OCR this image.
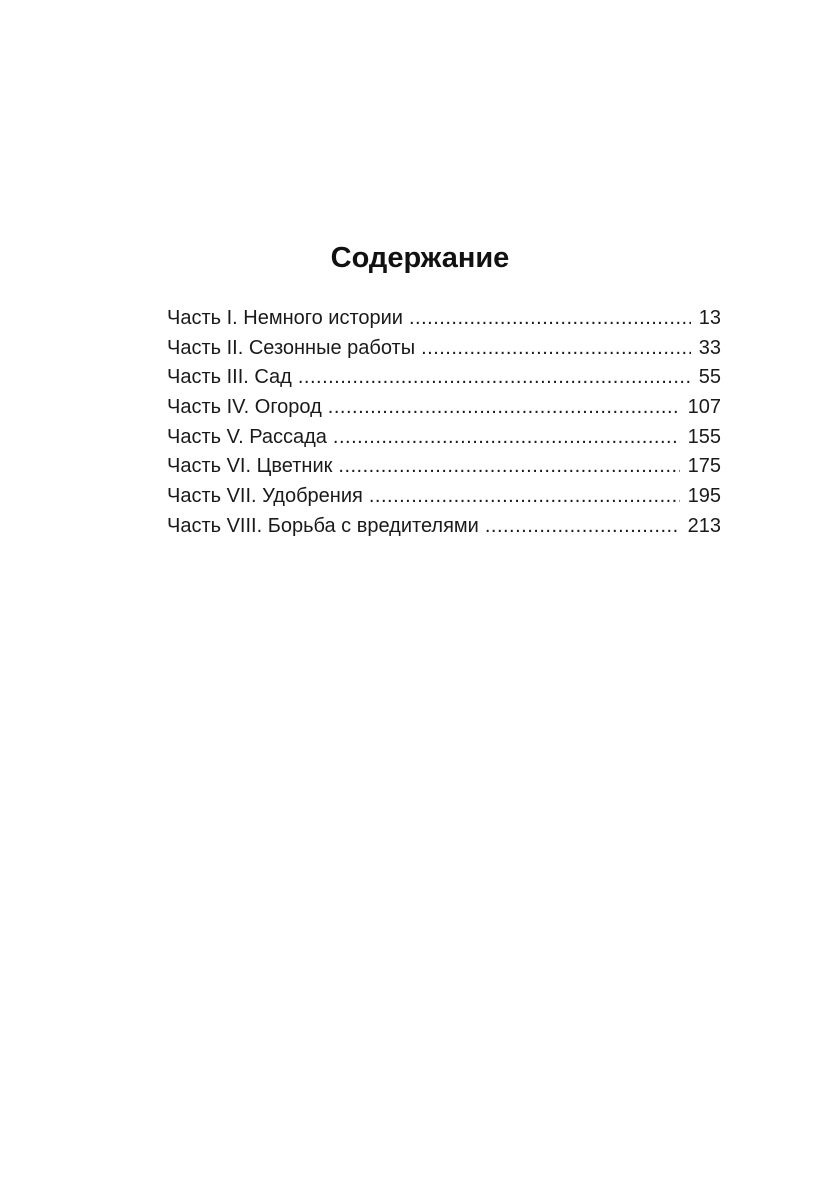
Содержание
Часть I. Немного истории .....	13
Часть II. Сезонные работы .....	33
Часть III. Сад .....	55
Часть IV. Огород .....	107
Часть V. Рассада .....	155
Часть VI. Цветник .....	175
Часть VII. Удобрения .....	195
Часть VIII. Борьба с вредителями .....	213
